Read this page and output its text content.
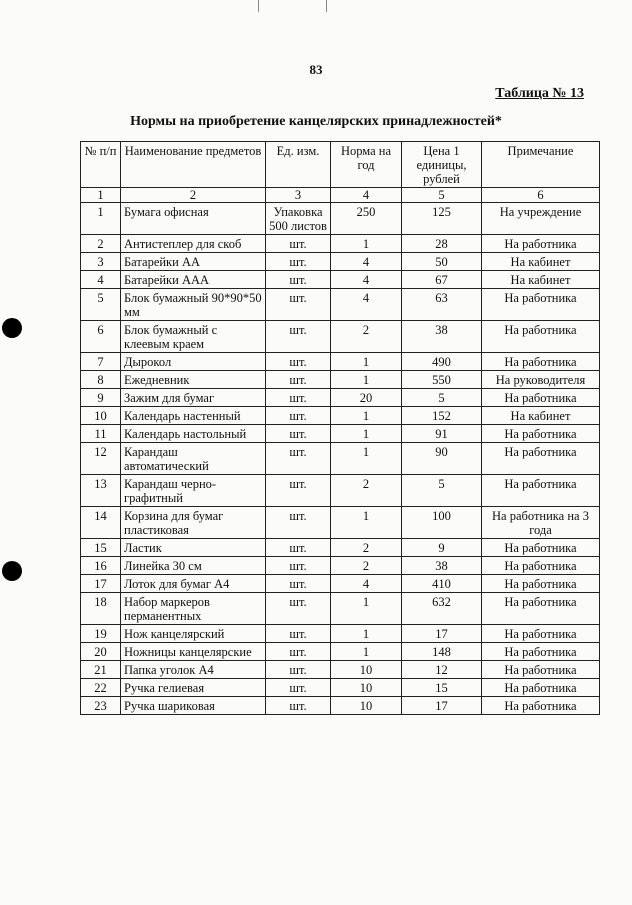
83
Таблица № 13
Нормы на приобретение канцелярских принадлежностей*
№ п/п	Наименование предметов	Ед. изм.	Норма на год	Цена 1 единицы, рублей	Примечание
1	2	3	4	5	6
1	Бумага офисная	Упаковка 500 листов	250	125	На учреждение
2	Антистеплер для скоб	шт.	1	28	На работника
3	Батарейки АА	шт.	4	50	На кабинет
4	Батарейки ААА	шт.	4	67	На кабинет
5	Блок бумажный 90*90*50 мм	шт.	4	63	На работника
6	Блок бумажный с клеевым краем	шт.	2	38	На работника
7	Дырокол	шт.	1	490	На работника
8	Ежедневник	шт.	1	550	На руководителя
9	Зажим для бумаг	шт.	20	5	На работника
10	Календарь настенный	шт.	1	152	На кабинет
11	Календарь настольный	шт.	1	91	На работника
12	Карандаш автоматический	шт.	1	90	На работника
13	Карандаш черно-графитный	шт.	2	5	На работника
14	Корзина для бумаг пластиковая	шт.	1	100	На работника на 3 года
15	Ластик	шт.	2	9	На работника
16	Линейка 30 см	шт.	2	38	На работника
17	Лоток для бумаг А4	шт.	4	410	На работника
18	Набор маркеров перманентных	шт.	1	632	На работника
19	Нож канцелярский	шт.	1	17	На работника
20	Ножницы канцелярские	шт.	1	148	На работника
21	Папка уголок А4	шт.	10	12	На работника
22	Ручка гелиевая	шт.	10	15	На работника
23	Ручка шариковая	шт.	10	17	На работника
